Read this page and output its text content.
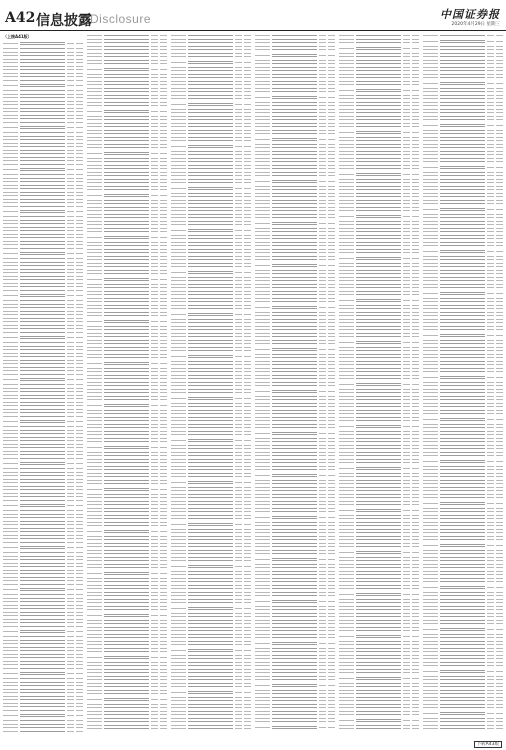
A42 信息披露
Disclosure	中国证券报
2020年4月29日 星期三
（上接A41版）
下转A43版
